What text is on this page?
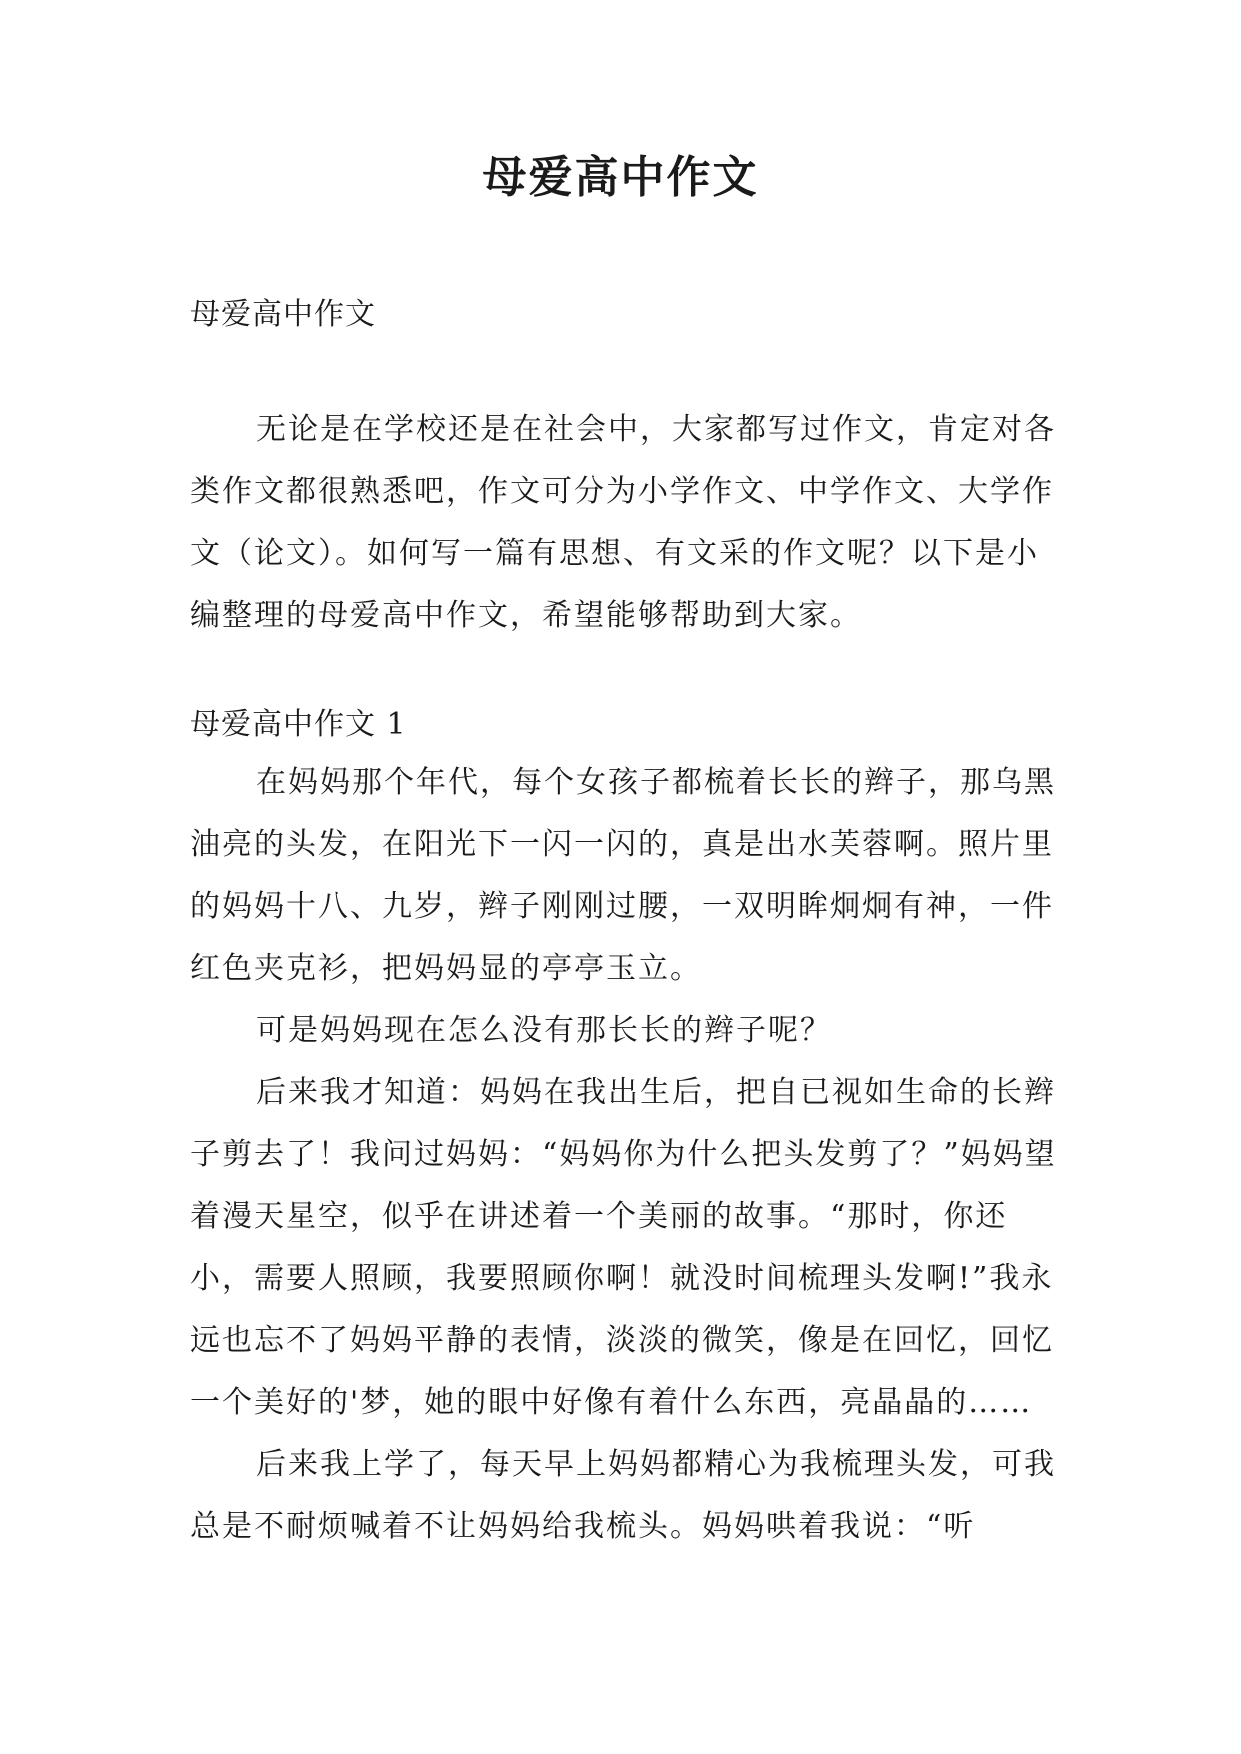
母爱高中作文

母爱高中作文

无论是在学校还是在社会中，大家都写过作文，肯定对各类作文都很熟悉吧，作文可分为小学作文、中学作文、大学作文（论文）。如何写一篇有思想、有文采的作文呢？以下是小编整理的母爱高中作文，希望能够帮助到大家。

母爱高中作文 1

在妈妈那个年代，每个女孩子都梳着长长的辫子，那乌黑油亮的头发，在阳光下一闪一闪的，真是出水芙蓉啊。照片里的妈妈十八、九岁，辫子刚刚过腰，一双明眸炯炯有神，一件红色夹克衫，把妈妈显的亭亭玉立。

可是妈妈现在怎么没有那长长的辫子呢？

后来我才知道：妈妈在我出生后，把自已视如生命的长辫子剪去了！我问过妈妈：“妈妈你为什么把头发剪了？”妈妈望着漫天星空，似乎在讲述着一个美丽的故事。“那时，你还小，需要人照顾，我要照顾你啊！就没时间梳理头发啊!”我永远也忘不了妈妈平静的表情，淡淡的微笑，像是在回忆，回忆一个美好的'梦，她的眼中好像有着什么东西，亮晶晶的……

后来我上学了，每天早上妈妈都精心为我梳理头发，可我总是不耐烦喊着不让妈妈给我梳头。妈妈哄着我说：“听
